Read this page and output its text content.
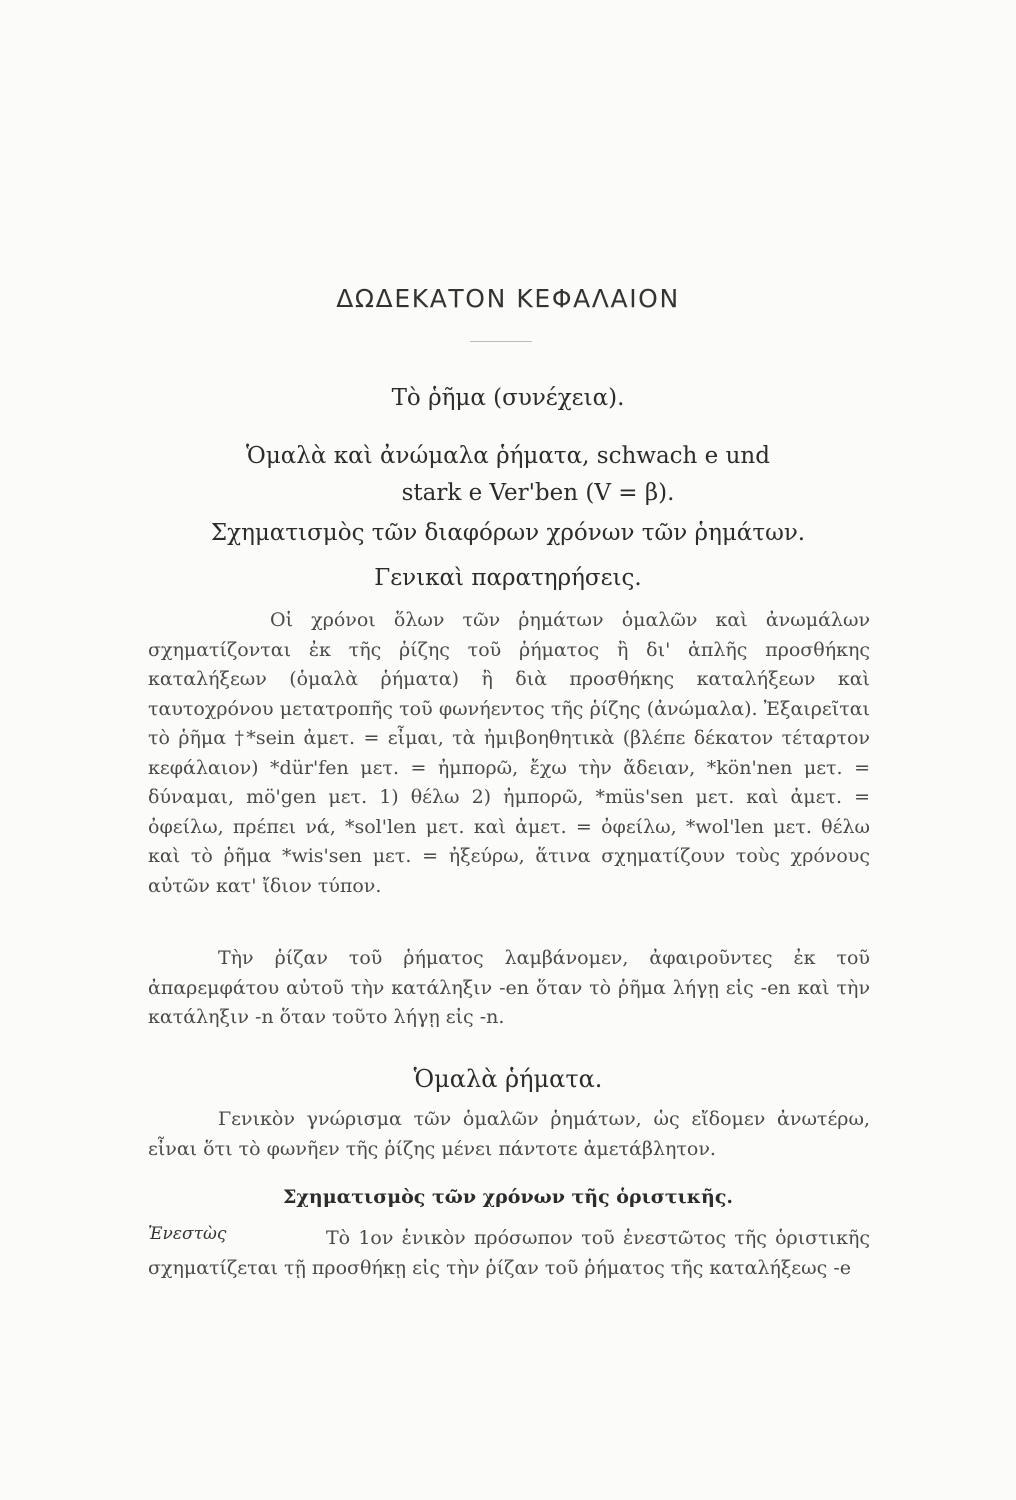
ΔΩΔΕΚΑΤΟΝ ΚΕΦΑΛΑΙΟΝ
Τὸ ῥῆμα (συνέχεια).
Ὁμαλὰ καὶ ἀνώμαλα ῥήματα, schwach e und
stark e Ver'ben (V = β).
Σχηματισμὸς τῶν διαφόρων χρόνων τῶν ῥημάτων.
Γενικαὶ παρατηρήσεις.

Οἱ χρόνοι ὅλων τῶν ῥημάτων ὁμαλῶν καὶ ἀνωμάλων σχηματίζονται ἐκ τῆς ῥίζης τοῦ ῥήματος ἢ δι' ἁπλῆς προσθήκης καταλήξεων (ὁμαλὰ ῥήματα) ἢ διὰ προσθήκης καταλήξεων καὶ ταυτοχρόνου μετατροπῆς τοῦ φωνήεντος τῆς ῥίζης (ἀνώμαλα). Ἐξαιρεῖται τὸ ῥῆμα †*sein ἀμετ. = εἶμαι, τὰ ἠμιβοηθητικὰ (βλέπε δέκατον τέταρτον κεφάλαιον) *dür'fen μετ. = ἠμπορῶ, ἔχω τὴν ἄδειαν, *kön'nen μετ. = δύναμαι, mö'gen μετ. 1) θέλω 2) ἠμπορῶ, *müs'sen μετ. καὶ ἀμετ. = ὀφείλω, πρέπει νά, *sol'len μετ. καὶ ἀμετ. = ὀφείλω, *wol'len μετ. θέλω καὶ τὸ ῥῆμα *wis'sen μετ. = ἠξεύρω, ἅτινα σχηματίζουν τοὺς χρόνους αὐτῶν κατ' ἴδιον τύπον.

Τὴν ῥίζαν τοῦ ῥήματος λαμβάνομεν, ἀφαιροῦντες ἐκ τοῦ ἀπαρεμφάτου αὐτοῦ τὴν κατάληξιν -en ὅταν τὸ ῥῆμα λήγῃ εἰς -en καὶ τὴν κατάληξιν -n ὅταν τοῦτο λήγῃ εἰς -n.

Ὁμαλὰ ῥήματα.

Γενικὸν γνώρισμα τῶν ὁμαλῶν ῥημάτων, ὡς εἴδομεν ἀνωτέρω, εἶναι ὅτι τὸ φωνῆεν τῆς ῥίζης μένει πάντοτε ἀμετάβλητον.

Σχηματισμὸς τῶν χρόνων τῆς ὁριστικῆς.
Ἐνεστὼς	Τὸ 1ον ἑνικὸν πρόσωπον τοῦ ἐνεστῶτος τῆς ὁριστικῆς σχηματίζεται τῇ προσθήκῃ εἰς τὴν ῥίζαν τοῦ ῥήματος τῆς καταλήξεως -e
